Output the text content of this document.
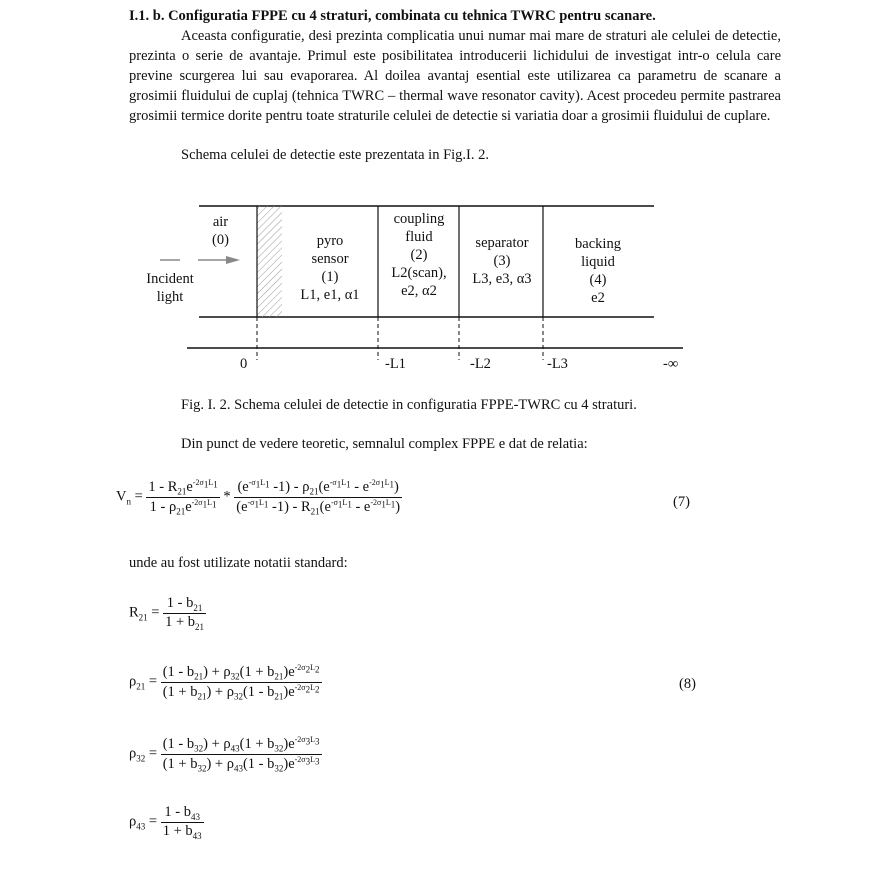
I.1. b. Configuratia FPPE cu 4 straturi, combinata cu tehnica TWRC pentru scanare.

Aceasta configuratie, desi prezinta complicatia unui numar mai mare de straturi ale celulei de detectie, prezinta o serie de avantaje. Primul este posibilitatea introducerii lichidului de investigat intr-o celula care previne scurgerea lui sau evaporarea. Al doilea avantaj esential este utilizarea ca parametru de scanare a grosimii fluidului de cuplaj (tehnica TWRC – thermal wave resonator cavity). Acest procedeu permite pastrarea grosimii termice dorite pentru toate straturile celulei de detectie si variatia doar a grosimii fluidului de cuplare.

Schema celulei de detectie este prezentata in Fig.I. 2.
Incident
light
air
(0)	pyro
sensor
(1)
L1, e1, α1
coupling
fluid
(2)
L2(scan),
e2, α2
separator
(3)
L3, e3, α3
backing
liquid
(4)
e2
0	-L1	-L2	-L3	-∞
Fig. I. 2. Schema celulei de detectie in configuratia FPPE-TWRC cu 4 straturi.
Din punct de vedere teoretic, semnalul complex FPPE e dat de relatia:
$V_n = \frac{1 - R_{21}e^{-2\sigma_1L_1}}{1 - \rho_{21}e^{-2\sigma_1L_1}} * \frac{(e^{-\sigma_1L_1} -1) - \rho_{21}(e^{-\sigma_1L_1} - e^{-2\sigma_1L_1})}{(e^{-\sigma_1L_1} -1) - R_{21}(e^{-\sigma_1L_1} - e^{-2\sigma_1L_1})}$	(7)
unde au fost utilizate notatii standard:
$R_{21} = \frac{1 - b_{21}}{1 + b_{21}}$
$\rho_{21} = \frac{(1 - b_{21}) + \rho_{32}(1 + b_{21})e^{-2\sigma_2L_2}}{(1 + b_{21}) + \rho_{32}(1 - b_{21})e^{-2\sigma_2L_2}}$	(8)
$\rho_{32} = \frac{(1 - b_{32}) + \rho_{43}(1 + b_{32})e^{-2\sigma_3L_3}}{(1 + b_{32}) + \rho_{43}(1 - b_{32})e^{-2\sigma_3L_3}}$
$\rho_{43} = \frac{1 - b_{43}}{1 + b_{43}}$
